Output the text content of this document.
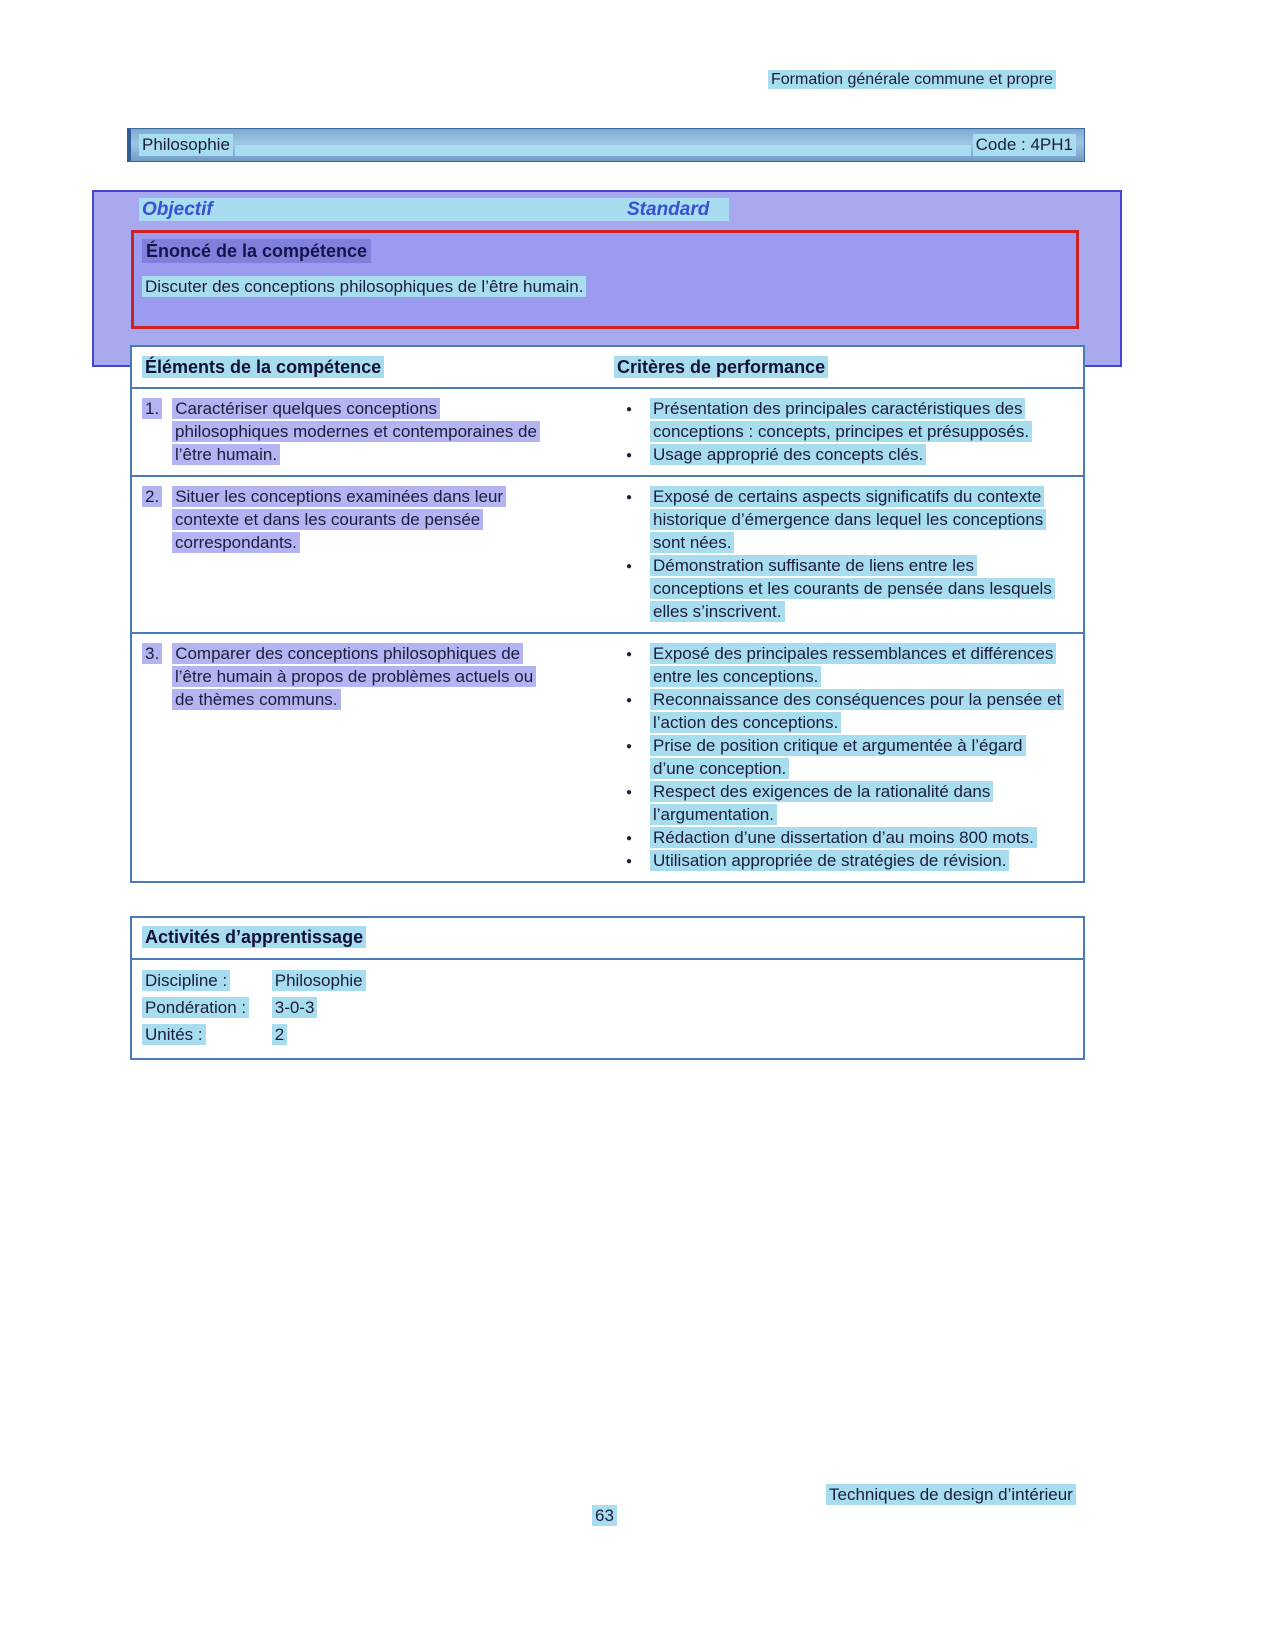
Formation générale commune et propre
Philosophie	Code : 4PH1
Objectif	Standard
Énoncé de la compétence
Discuter des conceptions philosophiques de l’être humain.
Éléments de la compétence	Critères de performance
1. Caractériser quelques conceptions philosophiques modernes et contemporaines de l’être humain.
● Présentation des principales caractéristiques des conceptions : concepts, principes et présupposés.
● Usage approprié des concepts clés.
2. Situer les conceptions examinées dans leur contexte et dans les courants de pensée correspondants.
● Exposé de certains aspects significatifs du contexte historique d’émergence dans lequel les conceptions sont nées.
● Démonstration suffisante de liens entre les conceptions et les courants de pensée dans lesquels elles s’inscrivent.
3. Comparer des conceptions philosophiques de l’être humain à propos de problèmes actuels ou de thèmes communs.
● Exposé des principales ressemblances et différences entre les conceptions.
● Reconnaissance des conséquences pour la pensée et l’action des conceptions.
● Prise de position critique et argumentée à l’égard d’une conception.
● Respect des exigences de la rationalité dans l’argumentation.
● Rédaction d’une dissertation d’au moins 800 mots.
● Utilisation appropriée de stratégies de révision.
Activités d’apprentissage
Discipline :	Philosophie
Pondération : 3-0-3
Unités :	2
Techniques de design d’intérieur
63
